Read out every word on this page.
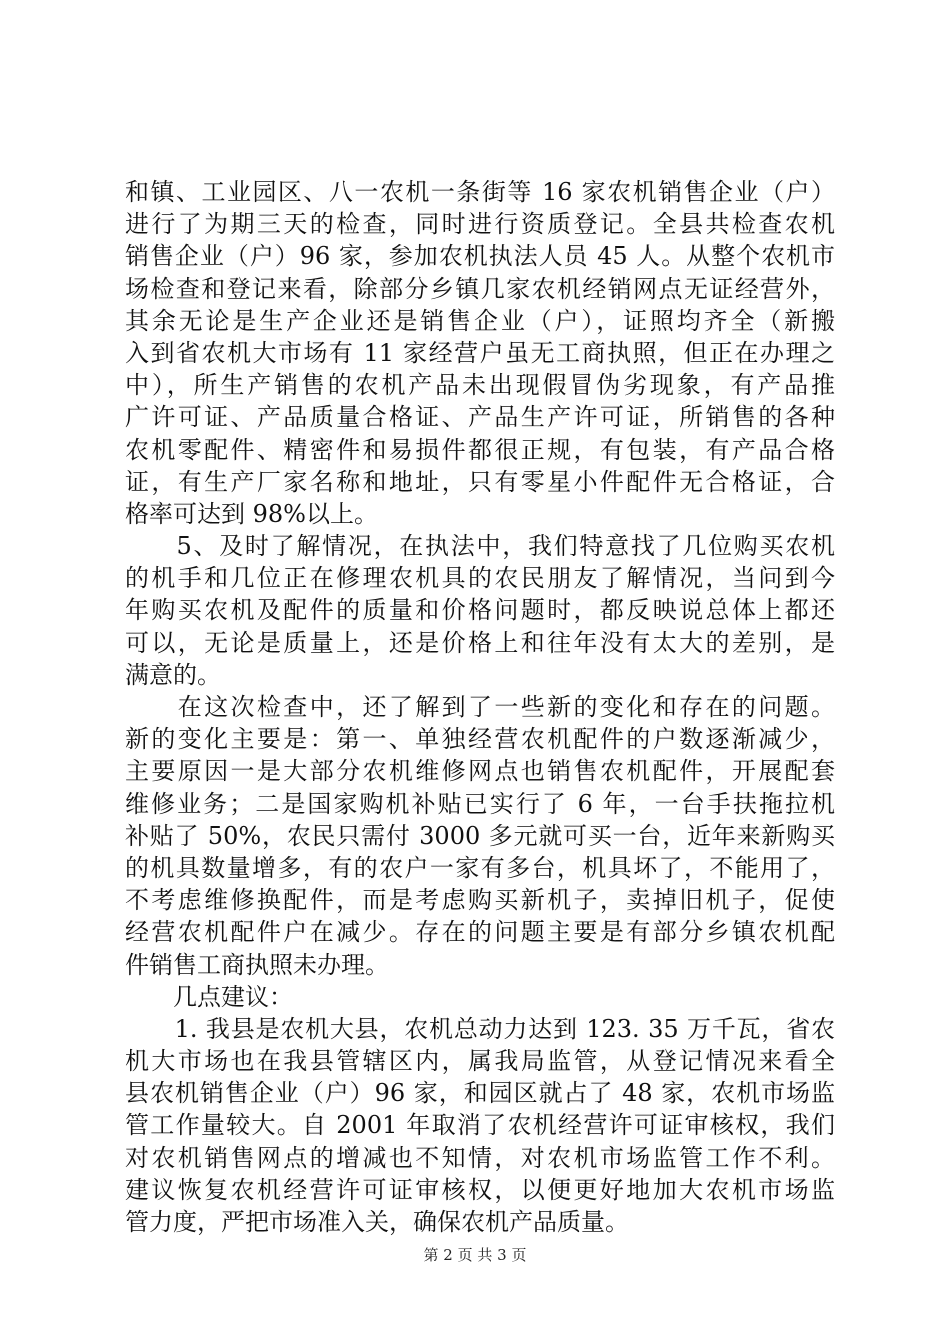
和镇、工业园区、八一农机一条街等 16 家农机销售企业（户）
进行了为期三天的检查，同时进行资质登记。全县共检查农机
销售企业（户）96 家，参加农机执法人员 45 人。从整个农机市
场检查和登记来看，除部分乡镇几家农机经销网点无证经营外，
其余无论是生产企业还是销售企业（户），证照均齐全（新搬
入到省农机大市场有 11 家经营户虽无工商执照，但正在办理之
中），所生产销售的农机产品未出现假冒伪劣现象，有产品推
广许可证、产品质量合格证、产品生产许可证，所销售的各种
农机零配件、精密件和易损件都很正规，有包装，有产品合格
证，有生产厂家名称和地址，只有零星小件配件无合格证，合
格率可达到 98%以上。
　　5、及时了解情况，在执法中，我们特意找了几位购买农机
的机手和几位正在修理农机具的农民朋友了解情况，当问到今
年购买农机及配件的质量和价格问题时，都反映说总体上都还
可以，无论是质量上，还是价格上和往年没有太大的差别，是
满意的。
　　在这次检查中，还了解到了一些新的变化和存在的问题。
新的变化主要是：第一、单独经营农机配件的户数逐渐减少，
主要原因一是大部分农机维修网点也销售农机配件，开展配套
维修业务；二是国家购机补贴已实行了 6 年，一台手扶拖拉机
补贴了 50%，农民只需付 3000 多元就可买一台，近年来新购买
的机具数量增多，有的农户一家有多台，机具坏了，不能用了，
不考虑维修换配件，而是考虑购买新机子，卖掉旧机子，促使
经营农机配件户在减少。存在的问题主要是有部分乡镇农机配
件销售工商执照未办理。
　　几点建议：
　　1. 我县是农机大县，农机总动力达到 123. 35 万千瓦，省农
机大市场也在我县管辖区内，属我局监管，从登记情况来看全
县农机销售企业（户）96 家，和园区就占了 48 家，农机市场监
管工作量较大。自 2001 年取消了农机经营许可证审核权，我们
对农机销售网点的增减也不知情，对农机市场监管工作不利。
建议恢复农机经营许可证审核权，以便更好地加大农机市场监
管力度，严把市场准入关，确保农机产品质量。
第 2 页 共 3 页
